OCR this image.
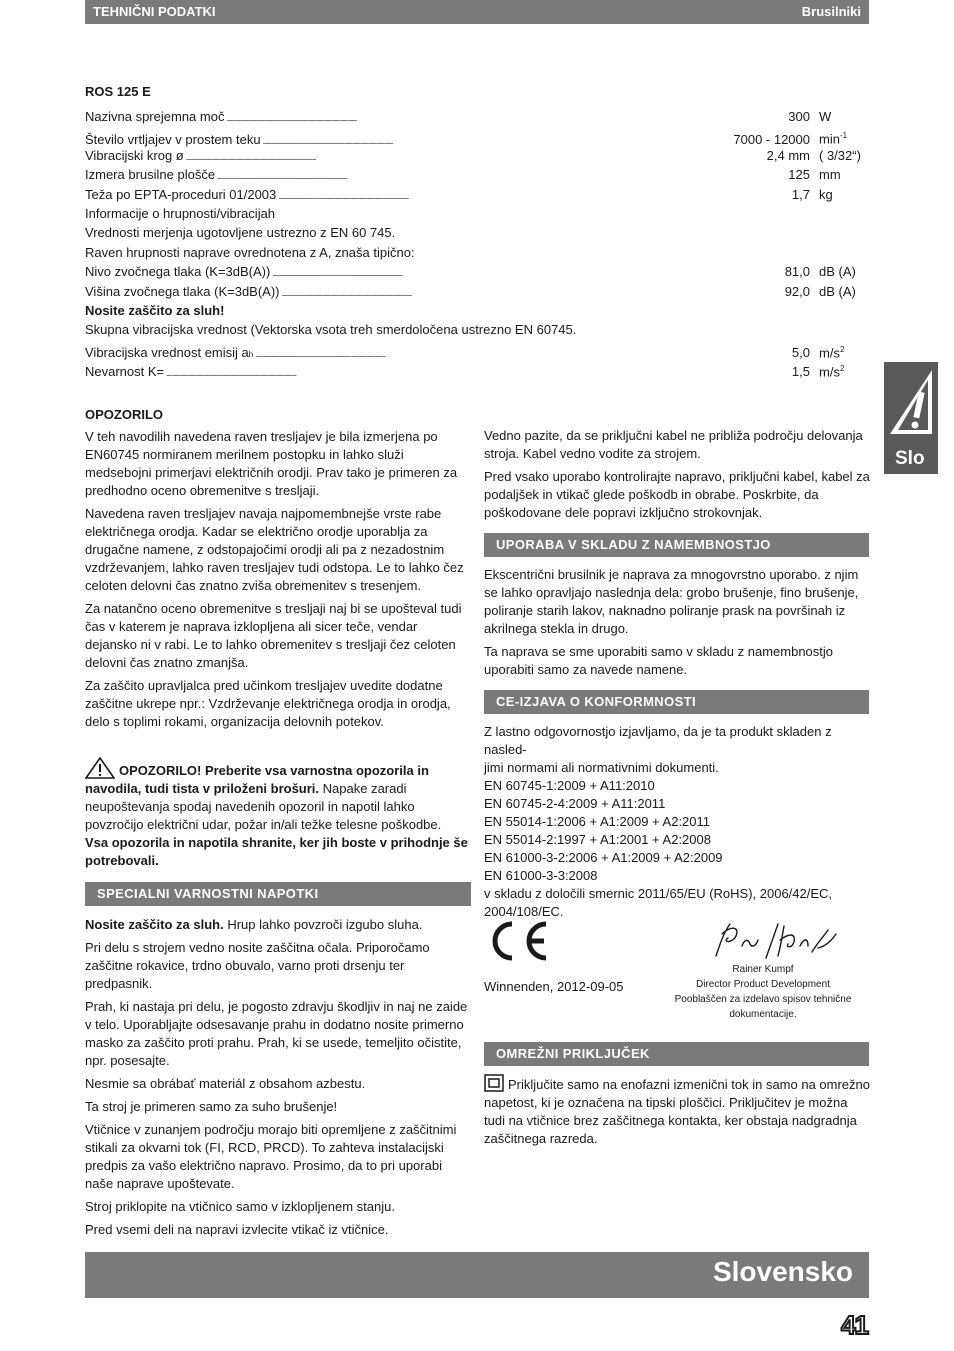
TEHNIČNI PODATKI	Brusilniki
ROS 125 E
Nazivna sprejemna moč . . .	300 W
Število vrtljajev v prostem teku . . .	7000 - 12000 $\min^{-1}$
Vibracijski krog ø . . .	2,4 mm ( 3/32“)
Izmera brusilne plošče . . .	125 mm
Teža po EPTA-proceduri 01/2003 . . .	1,7 kg
Informacije o hrupnosti/vibracijah
Vrednosti merjenja ugotovljene ustrezno z EN 60 745.
Raven hrupnosti naprave ovrednotena z A, znaša tipično:
Nivo zvočnega tlaka (K=3dB(A)) . . .	81,0 dB (A)
Višina zvočnega tlaka (K=3dB(A)) . . .	92,0 dB (A)
Nosite zaščito za sluh!
Skupna vibracijska vrednost (Vektorska vsota treh smerdoločena ustrezno EN 60745.
Vibracijska vrednost emisij a h . . .	5,0 $m/s^2$
Nevarnost K= . . .	1,5 $m/s^2$
Slo
OPOZORILO

V teh navodilih navedena raven tresljajev je bila izmerjena po EN60745 normiranem merilnem postopku in lahko služi medsebojni primerjavi električnih orodji. Prav tako je primeren za predhodno oceno obremenitve s tresljaji.

Navedena raven tresljajev navaja najpomembnejše vrste rabe električnega orodja. Kadar se električno orodje uporablja za drugačne namene, z odstopajočimi orodji ali pa z nezadostnim vzdrževanjem, lahko raven tresljajev tudi odstopa. Le to lahko čez celoten delovni čas znatno zviša obremenitev s tresenjem.

Za natančno oceno obremenitve s tresljaji naj bi se upošteval tudi čas v katerem je naprava izklopljena ali sicer teče, vendar dejansko ni v rabi. Le to lahko obremenitev s tresljaji čez celoten delovni čas znatno zmanjša.

Za zaščito upravljalca pred učinkom tresljajev uvedite dodatne zaščitne ukrepe npr.: Vzdrževanje električnega orodja in orodja, delo s toplimi rokami, organizacija delovnih potekov.

OPOZORILO! Preberite vsa varnostna opozorila in navodila, tudi tista v priloženi brošuri. Napake zaradi neupoštevanja spodaj navedenih opozoril in napotil lahko povzročijo električni udar, požar in/ali težke telesne poškodbe.
Vsa opozorila in napotila shranite, ker jih boste v prihodnje še potrebovali.
SPECIALNI VARNOSTNI NAPOTKI

Nosite zaščito za sluh. Hrup lahko povzroči izgubo sluha.

Pri delu s strojem vedno nosite zaščitna očala. Priporočamo zaščitne rokavice, trdno obuvalo, varno proti drsenju ter predpasnik.

Prah, ki nastaja pri delu, je pogosto zdravju škodljiv in naj ne zaide v telo. Uporabljajte odsesavanje prahu in dodatno nosite primerno masko za zaščito proti prahu. Prah, ki se usede, temeljito očistite, npr. posesajte.

Nesmie sa obrábať materiál z obsahom azbestu.

Ta stroj je primeren samo za suho brušenje!

Vtičnice v zunanjem področju morajo biti opremljene z zaščitnimi stikali za okvarni tok (FI, RCD, PRCD). To zahteva instalacijski predpis za vašo električno napravo. Prosimo, da to pri uporabi naše naprave upoštevate.

Stroj priklopite na vtičnico samo v izklopljenem stanju.

Pred vsemi deli na napravi izvlecite vtikač iz vtičnice.

Vedno pazite, da se priključni kabel ne približa področju delovanja stroja. Kabel vedno vodite za strojem.

Pred vsako uporabo kontrolirajte napravo, priključni kabel, kabel za podaljšek in vtikač glede poškodb in obrabe. Poskrbite, da poškodovane dele popravi izključno strokovnjak.

UPORABA V SKLADU Z NAMEMBNOSTJO

Ekscentrični brusilnik je naprava za mnogovrstno uporabo. z njim se lahko opravljajo naslednja dela: grobo brušenje, fino brušenje, poliranje starih lakov, naknadno poliranje prask na površinah iz akrilnega stekla in drugo.

Ta naprava se sme uporabiti samo v skladu z namembnostjo uporabiti samo za navede namene.

CE-IZJAVA O KONFORMNOSTI
Z lastno odgovornostjo izjavljamo, da je ta produkt skladen z nasled-
jimi normami ali normativnimi dokumenti.
EN 60745-1:2009 + A11:2010
EN 60745-2-4:2009 + A11:2011
EN 55014-1:2006 + A1:2009 + A2:2011
EN 55014-2:1997 + A1:2001 + A2:2008
EN 61000-3-2:2006 + A1:2009 + A2:2009
EN 61000-3-3:2008
v skladu z določili smernic 2011/65/EU (RoHS), 2006/42/EC,
2004/108/EC.
Winnenden, 2012-09-05
Rainer Kumpf
Director Product Development
Pooblaščen za izdelavo spisov tehnične
dokumentacije.
OMREŽNI PRIKLJUČEK
Priključite samo na enofazni izmenični tok in samo na omrežno napetost, ki je označena na tipski ploščici. Priključitev je možna tudi na vtičnice brez zaščitnega kontakta, ker obstaja nadgradnja zaščitnega razreda.
Slovensko
41
